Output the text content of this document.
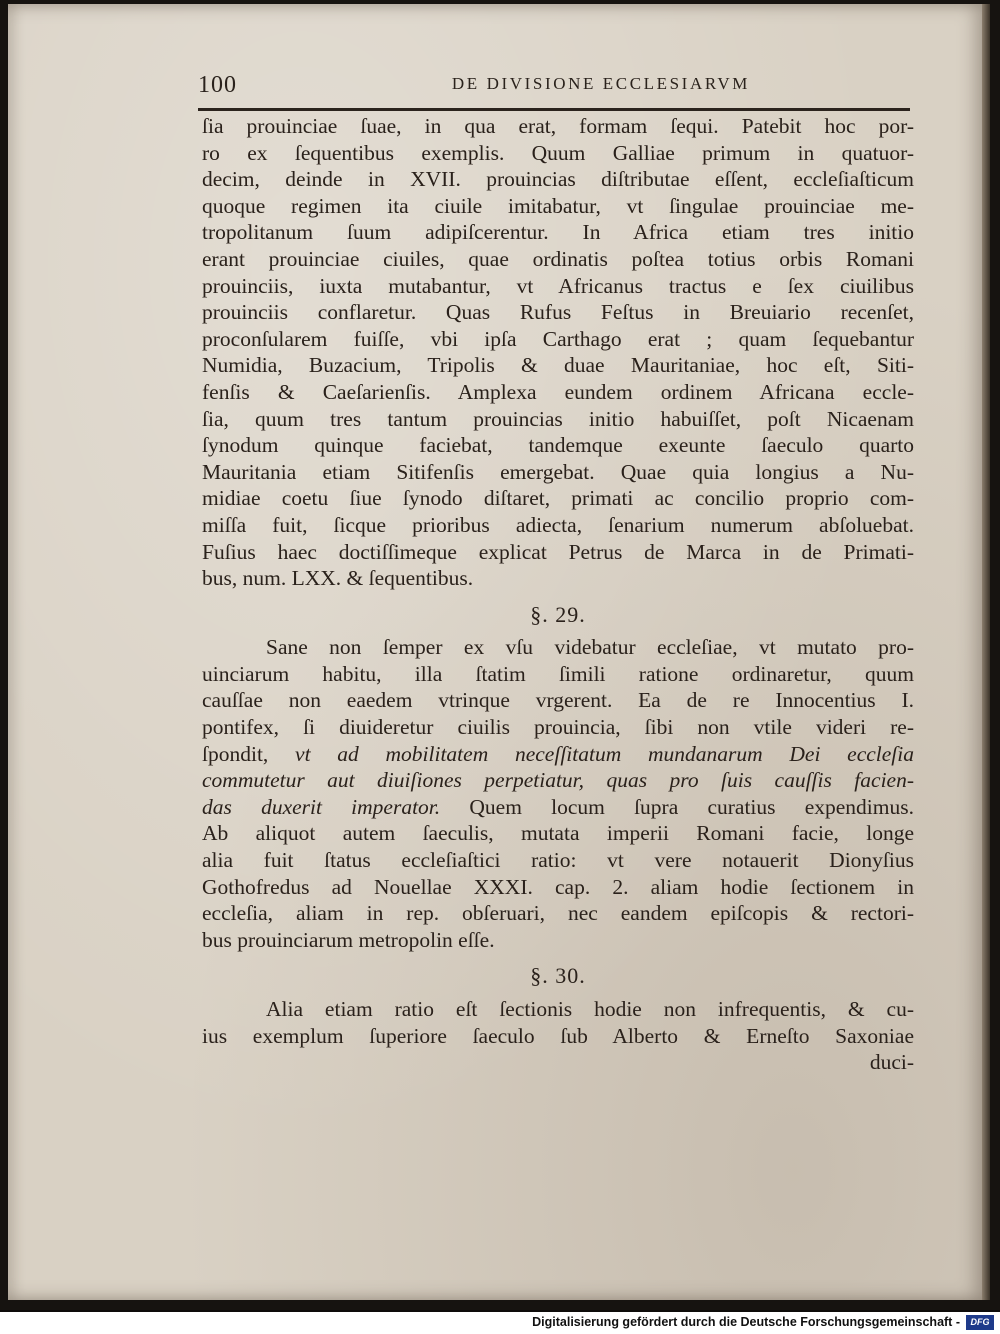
100	DE DIVISIONE ECCLESIARVM
ſia prouinciae ſuae, in qua erat, formam ſequi. Patebit hoc por-
ro ex ſequentibus exemplis. Quum Galliae primum in quatuor-
decim, deinde in XVII. prouincias diſtributae eſſent, eccleſiaſticum
quoque regimen ita ciuile imitabatur, vt ſingulae prouinciae me-
tropolitanum ſuum adipiſcerentur. In Africa etiam tres initio
erant prouinciae ciuiles, quae ordinatis poſtea totius orbis Romani
prouinciis, iuxta mutabantur, vt Africanus tractus e ſex ciuilibus
prouinciis conflaretur. Quas Rufus Feſtus in Breuiario recenſet,
proconſularem fuiſſe, vbi ipſa Carthago erat ; quam ſequebantur
Numidia, Buzacium, Tripolis & duae Mauritaniae, hoc eſt, Siti-
fenſis & Caeſarienſis. Amplexa eundem ordinem Africana eccle-
ſia, quum tres tantum prouincias initio habuiſſet, poſt Nicaenam
ſynodum quinque faciebat, tandemque exeunte ſaeculo quarto
Mauritania etiam Sitifenſis emergebat. Quae quia longius a Nu-
midiae coetu ſiue ſynodo diſtaret, primati ac concilio proprio com-
miſſa fuit, ſicque prioribus adiecta, ſenarium numerum abſoluebat.
Fuſius haec doctiſſimeque explicat Petrus de Marca in de Primati-
bus, num. LXX. & ſequentibus.
§. 29.
Sane non ſemper ex vſu videbatur eccleſiae, vt mutato pro-
uinciarum habitu, illa ſtatim ſimili ratione ordinaretur, quum
cauſſae non eaedem vtrinque vrgerent. Ea de re Innocentius I.
pontifex, ſi diuideretur ciuilis prouincia, ſibi non vtile videri re-
ſpondit, vt ad mobilitatem neceſſitatum mundanarum Dei eccleſia
commutetur aut diuiſiones perpetiatur, quas pro ſuis cauſſis facien-
das duxerit imperator. Quem locum ſupra curatius expendimus.
Ab aliquot autem ſaeculis, mutata imperii Romani facie, longe
alia fuit ſtatus eccleſiaſtici ratio: vt vere notauerit Dionyſius
Gothofredus ad Nouellae XXXI. cap. 2. aliam hodie ſectionem in
eccleſia, aliam in rep. obſeruari, nec eandem epiſcopis & rectori-
bus prouinciarum metropolin eſſe.
§. 30.
Alia etiam ratio eſt ſectionis hodie non infrequentis, & cu-
ius exemplum ſuperiore ſaeculo ſub Alberto & Erneſto Saxoniae
duci-
Digitalisierung gefördert durch die Deutsche Forschungsgemeinschaft -	DFG
